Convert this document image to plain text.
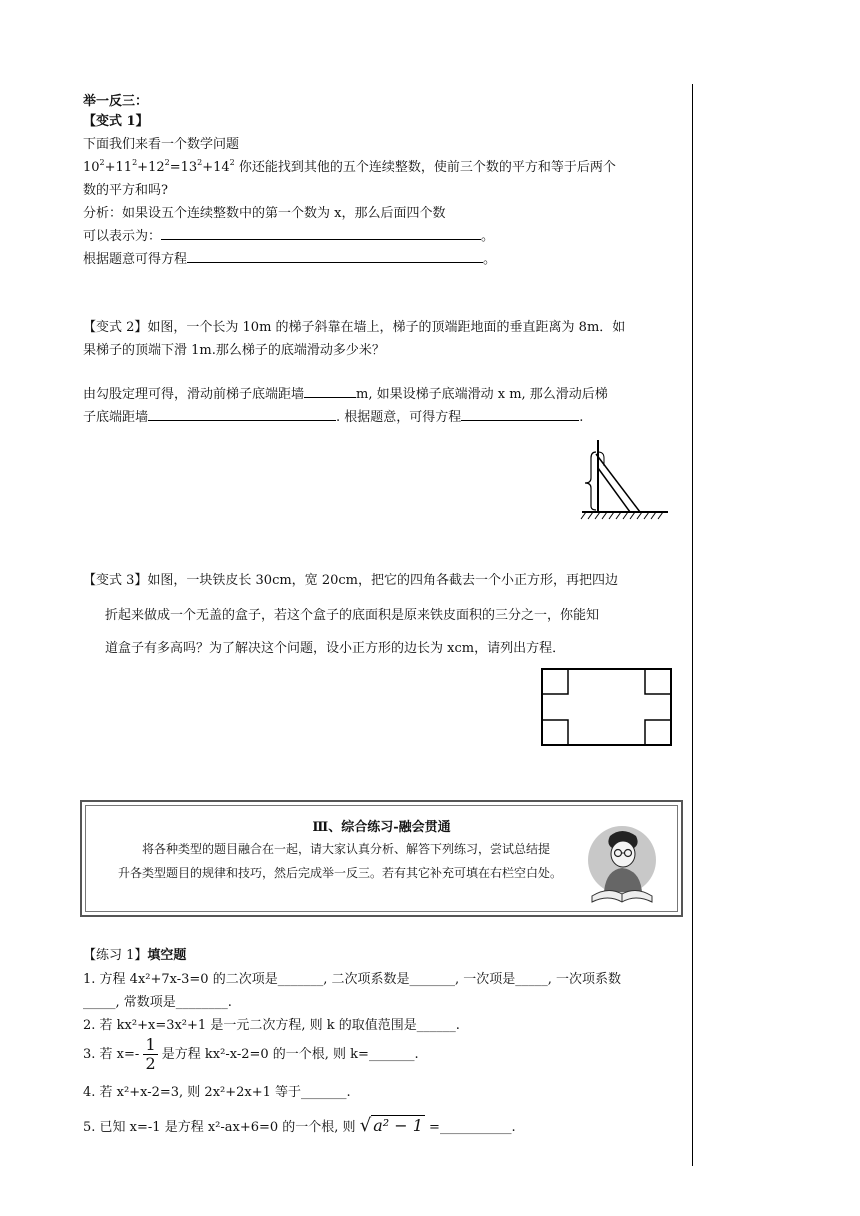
举一反三：
【变式 1】
下面我们来看一个数学问题
$10^2+11^2+12^2=13^2+14^2$ 你还能找到其他的五个连续整数，使前三个数的平方和等于后两个
数的平方和吗?
分析：如果设五个连续整数中的第一个数为 x，那么后面四个数
可以表示为：	。
根据题意可得方程	。
【变式 2】如图，一个长为 10m 的梯子斜靠在墙上，梯子的顶端距地面的垂直距离为 8m．如
果梯子的顶端下滑 1m.那么梯子的底端滑动多少米？
由勾股定理可得，滑动前梯子底端距墙	m, 如果设梯子底端滑动 x m, 那么滑动后梯
子底端距墙	. 根据题意，可得方程	.
【变式 3】如图，一块铁皮长 30cm，宽 20cm，把它的四角各截去一个小正方形，再把四边
折起来做成一个无盖的盒子，若这个盒子的底面积是原来铁皮面积的三分之一，你能知
道盒子有多高吗？为了解决这个问题，设小正方形的边长为 xcm，请列出方程．
Ⅲ、综合练习-融会贯通
将各种类型的题目融合在一起，请大家认真分析、解答下列练习，尝试总结提
升各类型题目的规律和技巧，然后完成举一反三。若有其它补充可填在右栏空白处。
【练习 1】填空题
1. 方程 4x²+7x-3=0 的二次项是_______, 二次项系数是_______, 一次项是_____, 一次项系数
_____, 常数项是________.
2. 若 kx²+x=3x²+1 是一元二次方程, 则 k 的取值范围是______.
3. 若 $x=- \frac{1}{2}$ 是方程 kx²-x-2=0 的一个根, 则 k=_______.
4. 若 x²+x-2=3, 则 2x²+2x+1 等于_______.
5. 已知 x=-1 是方程 x²-ax+6=0 的一个根, 则 √ a² − 1 =___________.
